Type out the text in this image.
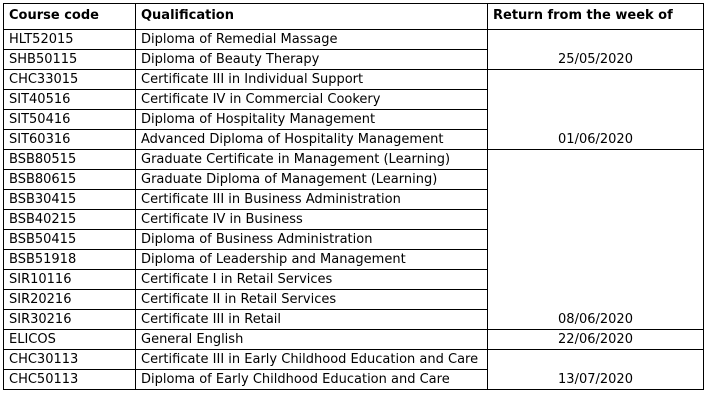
Course code	Qualification	Return from the week of
HLT52015	Diploma of Remedial Massage	25/05/2020
SHB50115	Diploma of Beauty Therapy	
CHC33015	Certificate III in Individual Support	01/06/2020
SIT40516	Certificate IV in Commercial Cookery	
SIT50416	Diploma of Hospitality Management	
SIT60316	Advanced Diploma of Hospitality Management	
BSB80515	Graduate Certificate in Management (Learning)	08/06/2020
BSB80615	Graduate Diploma of Management (Learning)	
BSB30415	Certificate III in Business Administration	
BSB40215	Certificate IV in Business	
BSB50415	Diploma of Business Administration	
BSB51918	Diploma of Leadership and Management	
SIR10116	Certificate I in Retail Services	
SIR20216	Certificate II in Retail Services	
SIR30216	Certificate III in Retail	
ELICOS	General English	22/06/2020
CHC30113	Certificate III in Early Childhood Education and Care	13/07/2020
CHC50113	Diploma of Early Childhood Education and Care	
